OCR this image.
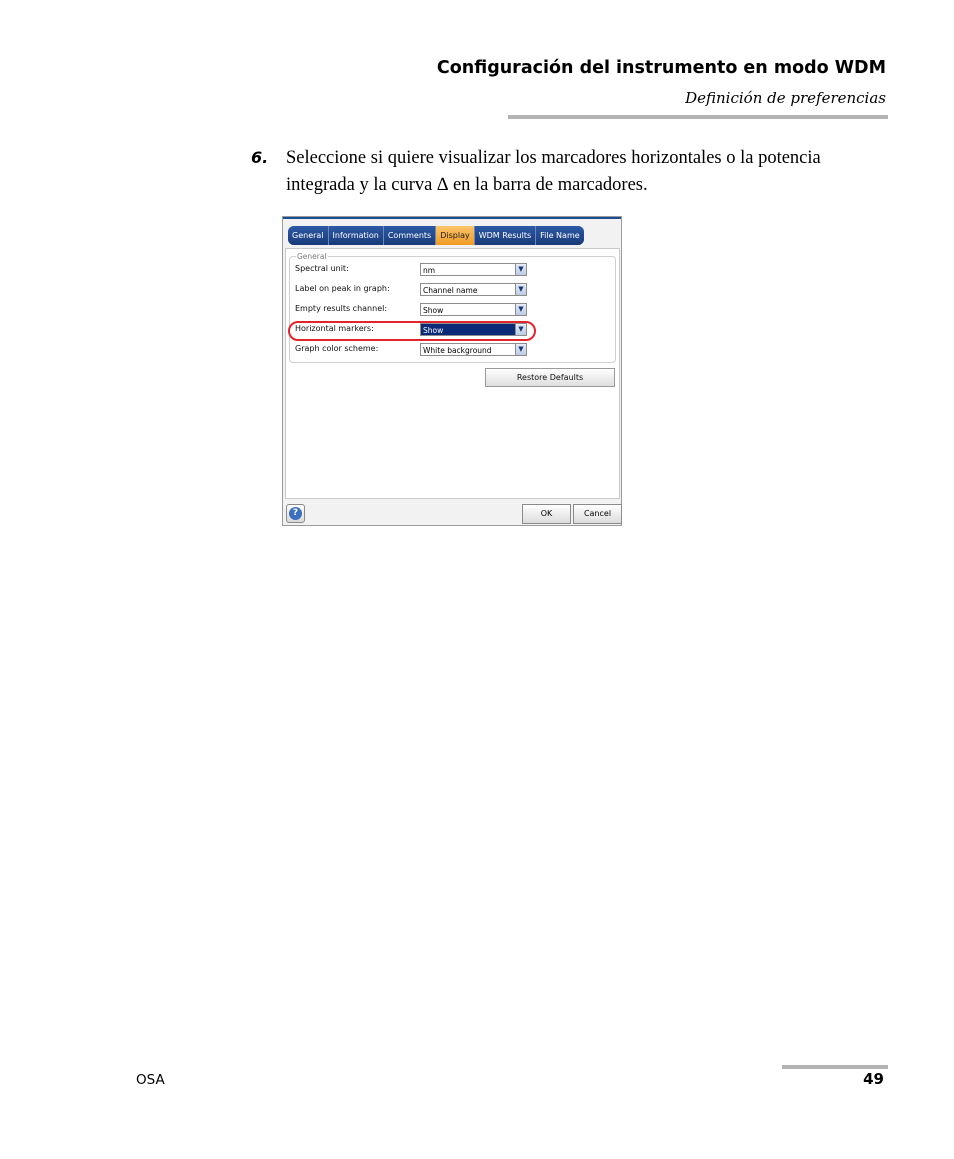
Configuración del instrumento en modo WDM
Definición de preferencias
6. Seleccione si quiere visualizar los marcadores horizontales o la potencia integrada y la curva ∆ en la barra de marcadores.
General	Information	Comments	Display	WDM Results	File Name
General
Spectral unit:	nm	▼
Label on peak in graph:	Channel name	▼
Empty results channel:	Show	▼
Horizontal markers:	Show	▼
Graph color scheme:	White background	▼
Restore Defaults
?	OK	Cancel
OSA	49
